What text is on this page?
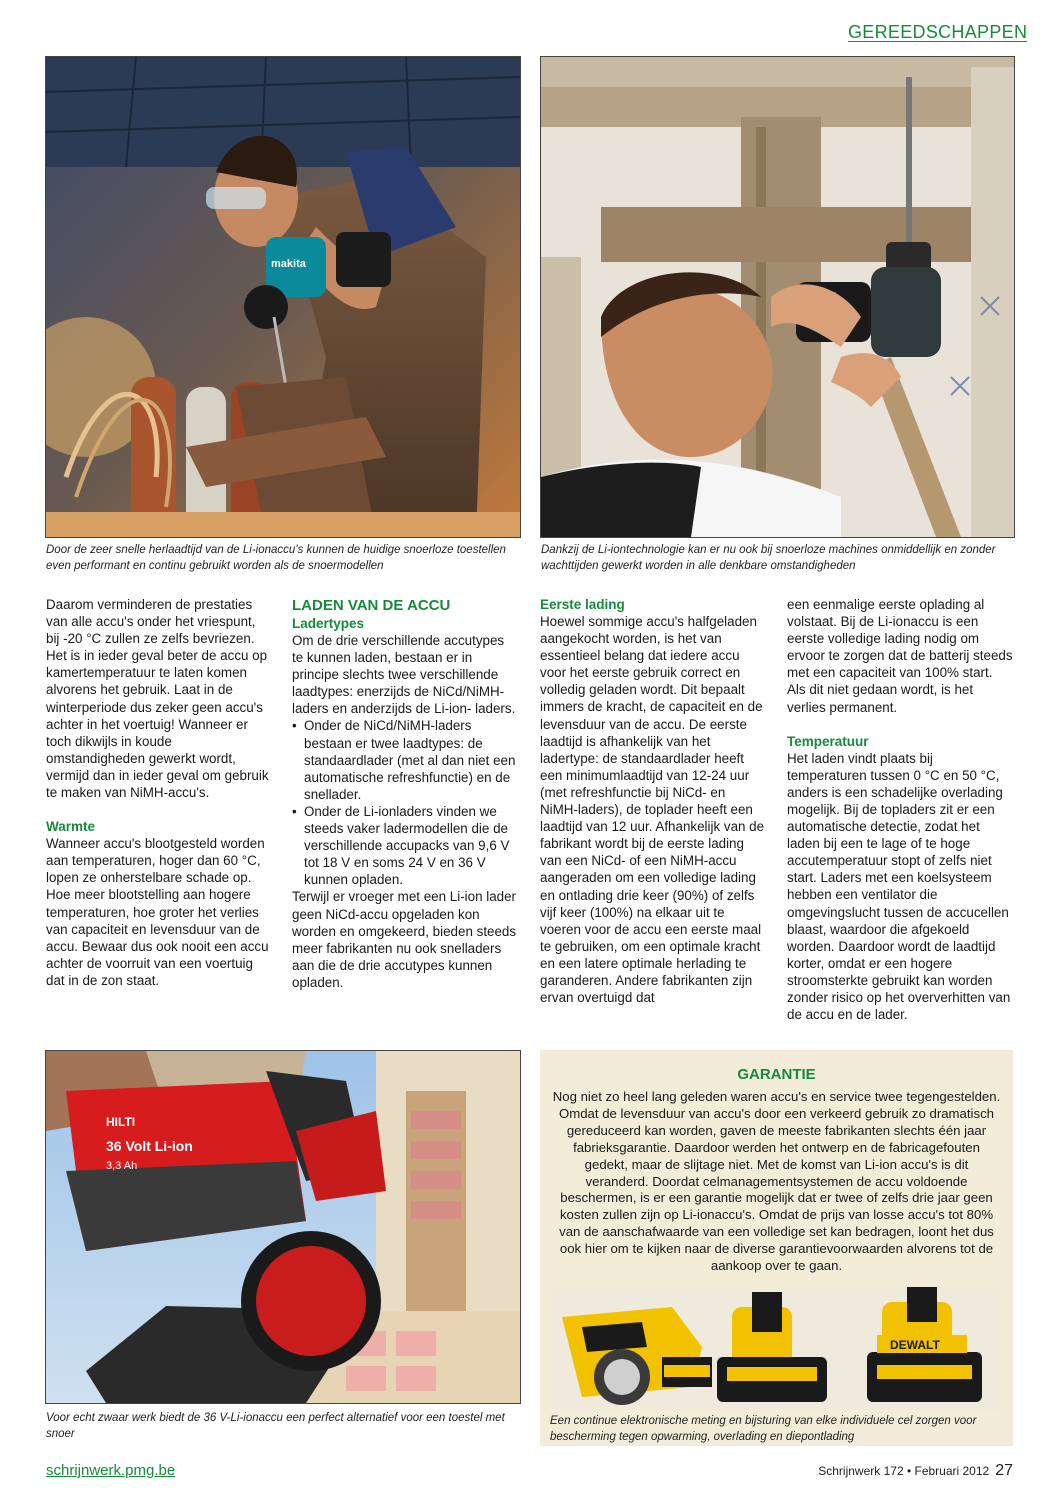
GEREEDSCHAPPEN
makita
Door de zeer snelle herlaadtijd van de Li-ionaccu's kunnen de huidige snoerloze toestellen even performant en continu gebruikt worden als de snoermodellen
Dankzij de Li-iontechnologie kan er nu ook bij snoerloze machines onmiddellijk en zonder wachttijden gewerkt worden in alle denkbare omstandigheden

Daarom verminderen de prestaties van alle accu's onder het vriespunt, bij -20 °C zullen ze zelfs bevriezen. Het is in ieder geval beter de accu op kamertemperatuur te laten komen alvorens het gebruik. Laat in de winterperiode dus zeker geen accu's achter in het voertuig! Wanneer er toch dikwijls in koude omstandigheden gewerkt wordt, vermijd dan in ieder geval om gebruik te maken van NiMH-accu's.

Warmte

Wanneer accu's blootgesteld worden aan temperaturen, hoger dan 60 °C, lopen ze onherstelbare schade op. Hoe meer blootstelling aan hogere temperaturen, hoe groter het verlies van capaciteit en levensduur van de accu. Bewaar dus ook nooit een accu achter de voorruit van een voertuig dat in de zon staat.

LADEN VAN DE ACCU

Ladertypes

Om de drie verschillende accutypes te kunnen laden, bestaan er in principe slechts twee verschillende laadtypes: enerzijds de NiCd/NiMH-laders en anderzijds de Li-ion- laders.

• Onder de NiCd/NiMH-laders bestaan er twee laadtypes: de standaardlader (met al dan niet een automatische refreshfunctie) en de snellader.
• Onder de Li-ionladers vinden we steeds vaker ladermodellen die de verschillende accupacks van 9,6 V tot 18 V en soms 24 V en 36 V kunnen opladen.

Terwijl er vroeger met een Li-ion lader geen NiCd-accu opgeladen kon worden en omgekeerd, bieden steeds meer fabrikanten nu ook snelladers aan die de drie accutypes kunnen opladen.

Eerste lading

Hoewel sommige accu's halfgeladen aangekocht worden, is het van essentieel belang dat iedere accu voor het eerste gebruik correct en volledig geladen wordt. Dit bepaalt immers de kracht, de capaciteit en de levensduur van de accu. De eerste laadtijd is afhankelijk van het ladertype: de standaardlader heeft een minimumlaadtijd van 12-24 uur (met refreshfunctie bij NiCd- en NiMH-laders), de toplader heeft een laadtijd van 12 uur. Afhankelijk van de fabrikant wordt bij de eerste lading van een NiCd- of een NiMH-accu aangeraden om een volledige lading en ontlading drie keer (90%) of zelfs vijf keer (100%) na elkaar uit te voeren voor de accu een eerste maal te gebruiken, om een optimale kracht en een latere optimale herlading te garanderen. Andere fabrikanten zijn ervan overtuigd dat

een eenmalige eerste oplading al volstaat. Bij de Li-ionaccu is een eerste volledige lading nodig om ervoor te zorgen dat de batterij steeds met een capaciteit van 100% start. Als dit niet gedaan wordt, is het verlies permanent.

Temperatuur

Het laden vindt plaats bij temperaturen tussen 0 °C en 50 °C, anders is een schadelijke overlading mogelijk. Bij de topladers zit er een automatische detectie, zodat het laden bij een te lage of te hoge accutemperatuur stopt of zelfs niet start. Laders met een koelsysteem hebben een ventilator die omgevingslucht tussen de accucellen blaast, waardoor die afgekoeld worden. Daardoor wordt de laadtijd korter, omdat er een hogere stroomsterkte gebruikt kan worden zonder risico op het oververhitten van de accu en de lader.

36 Volt Li-ion
3,3 Ah
HILTI
Voor echt zwaar werk biedt de 36 V-Li-ionaccu een perfect alternatief voor een toestel met snoer
GARANTIE
Nog niet zo heel lang geleden waren accu's en service twee tegengestelden. Omdat de levensduur van accu's door een verkeerd gebruik zo dramatisch gereduceerd kan worden, gaven de meeste fabrikanten slechts één jaar fabrieksgarantie. Daardoor werden het ontwerp en de fabricagefouten gedekt, maar de slijtage niet. Met de komst van Li-ion accu's is dit veranderd. Doordat celmanagementsystemen de accu voldoende beschermen, is er een garantie mogelijk dat er twee of zelfs drie jaar geen kosten zullen zijn op Li-ionaccu's. Omdat de prijs van losse accu's tot 80% van de aanschafwaarde van een volledige set kan bedragen, loont het dus ook hier om te kijken naar de diverse garantievoorwaarden alvorens tot de aankoop over te gaan.
DEWALT
Een continue elektronische meting en bijsturing van elke individuele cel zorgen voor bescherming tegen opwarming, overlading en diepontlading
schrijnwerk.pmg.be	Schrijnwerk 172 • Februari 2012 27
